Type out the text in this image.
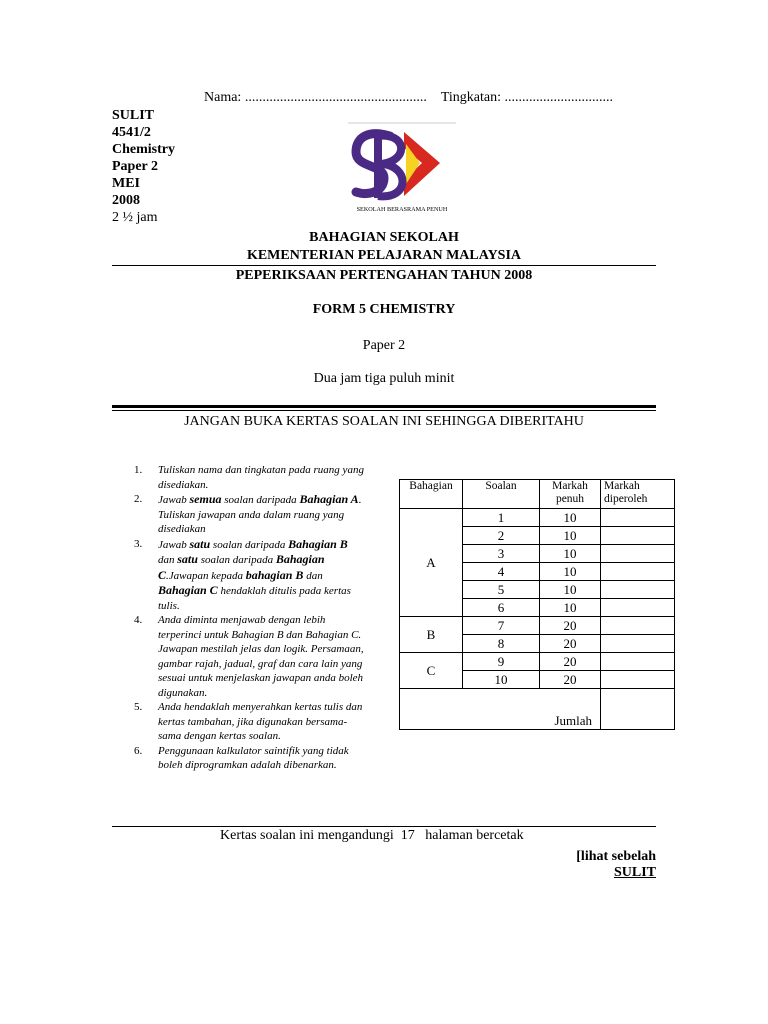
Nama: .................................................... Tingkatan: ...............................
SULIT
4541/2
Chemistry
Paper 2
MEI
2008
2 ½ jam
SEKOLAH BERASRAMA PENUH
BAHAGIAN SEKOLAH
KEMENTERIAN PELAJARAN MALAYSIA
PEPERIKSAAN PERTENGAHAN TAHUN 2008
FORM 5 CHEMISTRY
Paper 2
Dua jam tiga puluh minit
JANGAN BUKA KERTAS SOALAN INI SEHINGGA DIBERITAHU
1 . Tuliskan nama dan tingkatan pada ruang yang disediakan.
2 . Jawab semua soalan daripada Bahagian A. Tuliskan jawapan anda dalam ruang yang disediakan
3 . Jawab satu soalan daripada Bahagian B dan satu soalan daripada Bahagian C.Jawapan kepada bahagian B dan Bahagian C hendaklah ditulis pada kertas tulis.
4 . Anda diminta menjawab dengan lebih terperinci untuk Bahagian B dan Bahagian C. Jawapan mestilah jelas dan logik. Persamaan, gambar rajah, jadual, graf dan cara lain yang sesuai untuk menjelaskan jawapan anda boleh digunakan.
5 . Anda hendaklah menyerahkan kertas tulis dan kertas tambahan, jika digunakan bersama-sama dengan kertas soalan.
6 . Penggunaan kalkulator saintifik yang tidak boleh diprogramkan adalah dibenarkan.
Bahagian	Soalan	Markah penuh	Markah diperoleh
A	1	10	
	2	10	
	3	10	
	4	10	
	5	10	
	6	10	
B	7	20	
	8	20	
C	9	20	
	10	20	
Jumlah			
Kertas soalan ini mengandungi  17   halaman bercetak
[lihat sebelah
SULIT
